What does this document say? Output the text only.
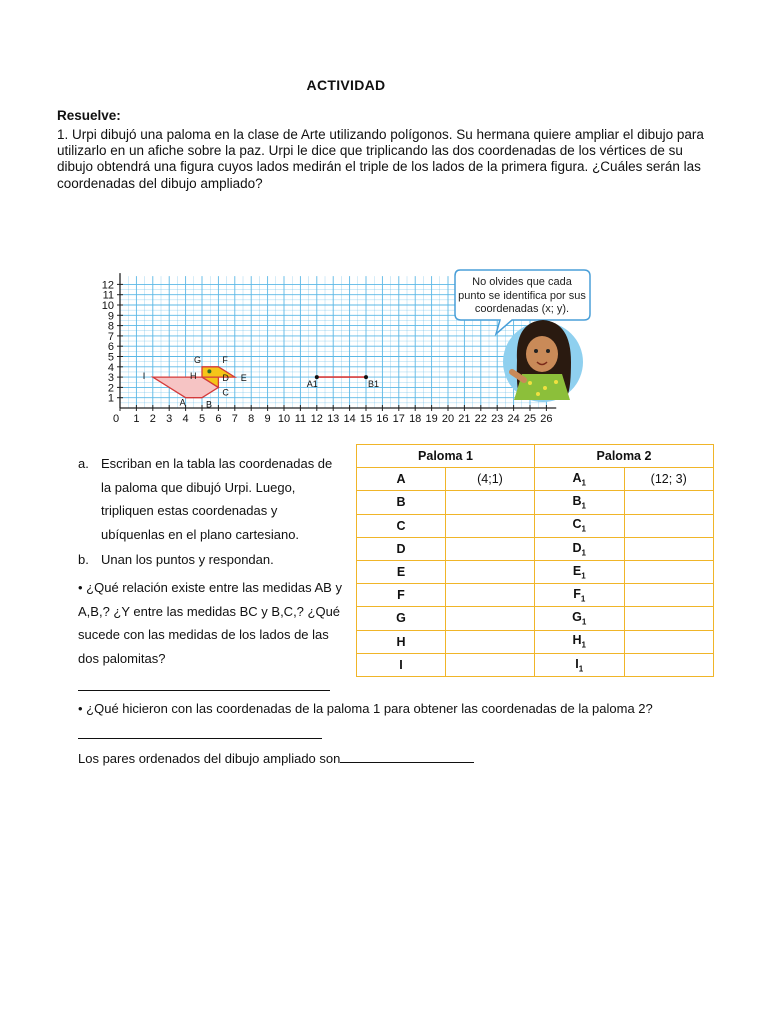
ACTIVIDAD
Resuelve:
1. Urpi dibujó una paloma en la clase de Arte utilizando polígonos. Su hermana quiere ampliar el dibujo para utilizarlo en un afiche sobre la paz. Urpi le dice que triplicando las dos coordenadas de los vértices de su dibujo obtendrá una figura cuyos lados medirán el triple de los lados de la primera figura. ¿Cuáles serán las coordenadas del dibujo ampliado?
0 1 2 3 4 5 6 7 8 9 10 11 12 13 14 15 16 17 18 19 20 21 22 23 24 25 26
1
2
3
4
5
6
7
8
9
10
11
12
A B
C
D E
F
G
H
I
A1	B1
No olvides que cada punto se identifica por sus coordenadas (x; y).
a. Escriban en la tabla las coordenadas de la paloma que dibujó Urpi. Luego, tripliquen estas coordenadas y ubíquenlas en el plano cartesiano.
b. Unan los puntos y respondan.
• ¿Qué relación existe entre las medidas AB y A,B,? ¿Y entre las medidas BC y B,C,? ¿Qué sucede con las medidas de los lados de las dos palomitas?
• ¿Qué hicieron con las coordenadas de la paloma 1 para obtener las coordenadas de la paloma 2?
Los pares ordenados del dibujo ampliado son
Paloma 1		Paloma 2	
A	(4;1)	$A_1$	(12; 3)
B		$B_1$	
C		$C_1$	
D		$D_1$	
E		$E_1$	
F		$F_1$	
G		$G_1$	
H		$H_1$	
I		$I_1$	
